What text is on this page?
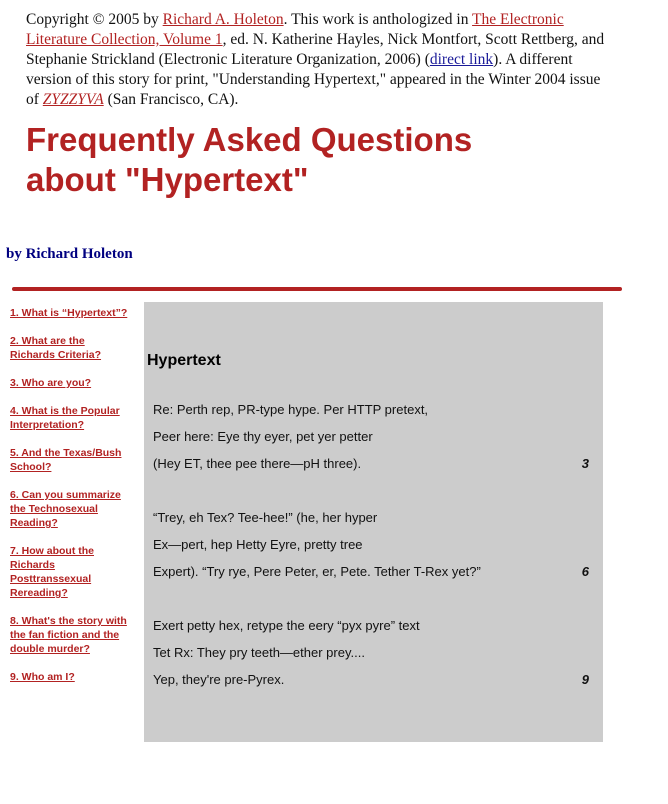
Copyright © 2005 by Richard A. Holeton. This work is anthologized in The Electronic Literature Collection, Volume 1, ed. N. Katherine Hayles, Nick Montfort, Scott Rettberg, and Stephanie Strickland (Electronic Literature Organization, 2006) (direct link). A different version of this story for print, "Understanding Hypertext," appeared in the Winter 2004 issue of ZYZZYVA (San Francisco, CA).
Frequently Asked Questions
about "Hypertext"
by Richard Holeton
1. What is “Hypertext”?
2. What are the Richards Criteria?
3. Who are you?
4. What is the Popular Interpretation?
5. And the Texas/Bush School?
6. Can you summarize the Technosexual Reading?
7. How about the Richards Posttranssexual Rereading?
8. What's the story with the fan fiction and the double murder?
9. Who am I?
Hypertext
Re: Perth rep, PR-type hype. Per HTTP pretext,
Peer here: Eye thy eyer, pet yer petter
(Hey ET, thee pee there—pH three).	3
“Trey, eh Tex? Tee-hee!” (he, her hyper
Ex—pert, hep Hetty Eyre, pretty tree
Expert). “Try rye, Pere Peter, er, Pete. Tether T-Rex yet?”	6
Exert petty hex, retype the eery “pyx pyre” text
Tet Rx: They pry teeth—ether prey....
Yep, they're pre-Pyrex.	9
